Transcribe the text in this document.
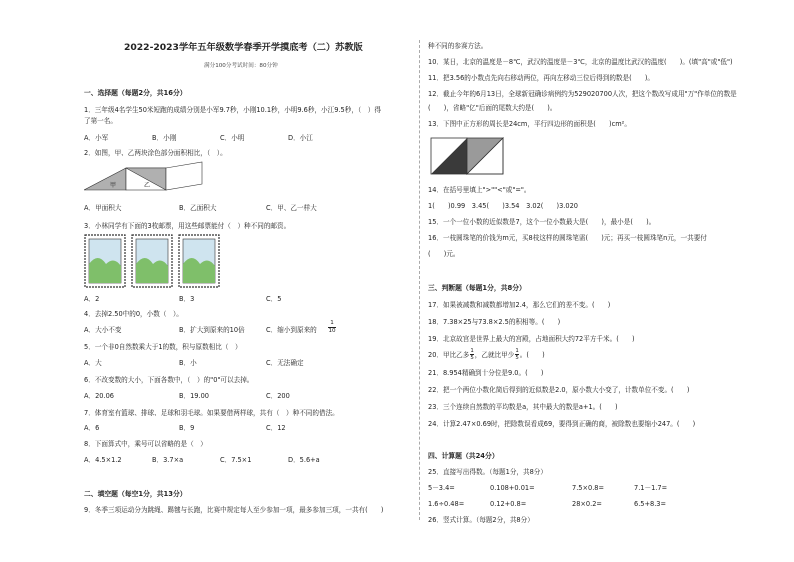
2022-2023学年五年级数学春季开学摸底考（二）苏教版
满分100分考试时间：80分钟
一、选择题（每题2分，共16分）
1．三年级4名学生50米短跑的成绩分别是小军9.7秒，小刚10.1秒，小明9.6秒，小江9.5秒，（　）得
了第一名。
A．小军	B．小刚	C．小明	D．小江
2．如图，甲、乙两块涂色部分面积相比，（　）。
甲	乙
A．甲面积大	B．乙面积大	C．甲、乙一样大
3．小林同学有下面的3枚邮票，用这些邮票能付（　）种不同的邮资。
A．2	B．3	C．5
4．去掉2.50中的0，小数（　）。
A．大小不变	B．扩大到原来的10倍	C．缩小到原来的 $\frac{1}{10}$
5．一个非0自然数乘大于1的数，积与原数相比（　）
A．大	B．小	C．无法确定
6．不改变数的大小，下面各数中，（　）的"0"可以去掉。
A．20.06	B．19.00	C．200
7．体育室有篮球、排球、足球和羽毛球。如果要借两样球，共有（　）种不同的借法。
A．6	B．9	C．12
8．下面算式中，乘号可以省略的是（　）
A．4.5×1.2	B．3.7×a	C．7.5×1	D．5.6+a
二、填空题（每空1分，共13分）
9．冬季三项运动分为跳绳、踢毽与长跑，比赛中规定每人至少参加一项，最多参加三项，一共有(　　)
种不同的参赛方法。
10．某日，北京的温度是－8℃，武汉的温度是－3℃，北京的温度比武汉的温度(　　)。(填"高"或"低")
11．把3.56的小数点先向右移动两位，再向左移动三位后得到的数是(　　)。
12．截止今年的6月13日，全球新冠确诊病例约为529020700人次，把这个数改写成用"万"作单位的数是
(　　)，省略"亿"后面的尾数大约是(　　)。
13．下图中正方形的周长是24cm，平行四边形的面积是(　　)cm²。
14．在括号里填上">""<"或"="。
1(　　)0.99　3.45(　　)3.54　3.02(　　)3.020
15．一个一位小数的近似数是7，这个一位小数最大是(　　)，最小是(　　)。
16．一枝圆珠笔的价钱为m元，买8枝这样的圆珠笔需(　　)元；再买一枝圆珠笔n元，一共要付
(　　)元。
三、判断题（每题1分，共8分）
17．如果被减数和减数都增加2.4，那么它们的差不变。(　　)
18．7.38×25与73.8×2.5的积相等。(　　)
19．北京故宫是世界上最大的宫殿，占地面积大约72平方千米。(　　)
20．甲比乙多 $\frac{1}{5}$ ，乙就比甲少 $\frac{1}{5}$ 。(　　)
21．8.954精确到十分位是9.0。(　　)
22．把一个两位小数化简后得到的近似数是2.0，原小数大小变了，计数单位不变。(　　)
23．三个连续自然数的平均数是a，其中最大的数是a+1。(　　)
24．计算2.47×0.69时，把除数误看成69，要得到正确的商，被除数也要缩小247。(　　)
四、计算题（共24分）
25．直接写出得数。（每题1分，共8分）
5－3.4=	0.108+0.01=	7.5×0.8=	7.1－1.7=
1.6÷0.48=	0.12+0.8=	28×0.2=	6.5+8.3=
26．竖式计算。（每题2分，共8分）
